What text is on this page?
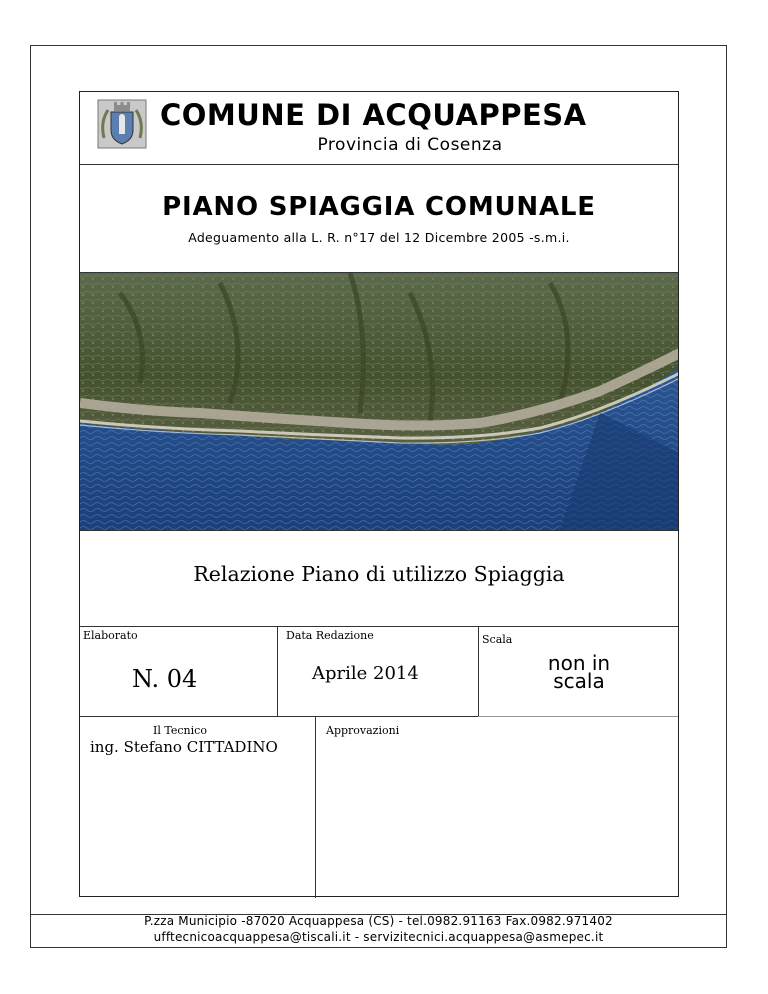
COMUNE DI ACQUAPPESA
Provincia di Cosenza
PIANO SPIAGGIA COMUNALE
Adeguamento alla L. R. n°17 del 12 Dicembre 2005 -s.m.i.
Relazione Piano di utilizzo Spiaggia
Elaborato
N. 04
Data Redazione
Aprile 2014
Scala
non in
scala
Il Tecnico
ing. Stefano CITTADINO
Approvazioni
P.zza Municipio -87020 Acquappesa (CS) - tel.0982.91163 Fax.0982.971402
ufftecnicoacquappesa@tiscali.it - servizitecnici.acquappesa@asmepec.it
